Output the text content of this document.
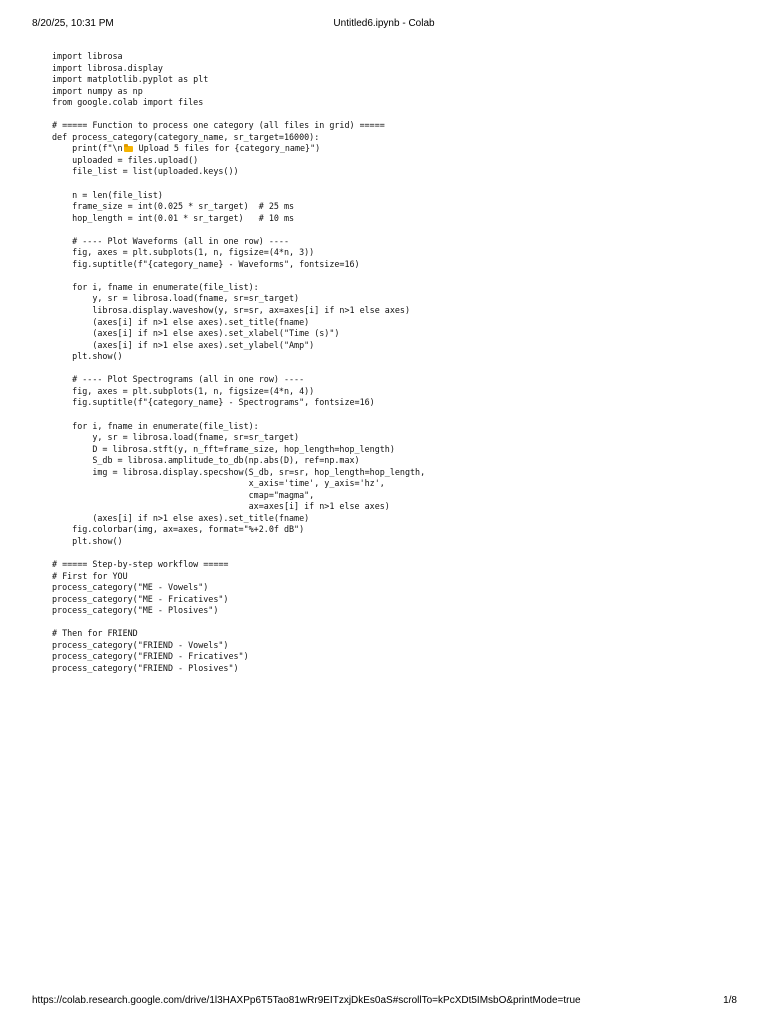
8/20/25, 10:31 PM	Untitled6.ipynb - Colab
import librosa
import librosa.display
import matplotlib.pyplot as plt
import numpy as np
from google.colab import files
# ===== Function to process one category (all files in grid) =====
def process_category(category_name, sr_target=16000):
print(f"\n Upload 5 files for {category_name}")
uploaded = files.upload()
file_list = list(uploaded.keys())
n = len(file_list)
frame_size = int(0.025 * sr_target)  # 25 ms
hop_length = int(0.01 * sr_target)   # 10 ms
# ---- Plot Waveforms (all in one row) ----
fig, axes = plt.subplots(1, n, figsize=(4*n, 3))
fig.suptitle(f"{category_name} - Waveforms", fontsize=16)
for i, fname in enumerate(file_list):
y, sr = librosa.load(fname, sr=sr_target)
librosa.display.waveshow(y, sr=sr, ax=axes[i] if n>1 else axes)
(axes[i] if n>1 else axes).set_title(fname)
(axes[i] if n>1 else axes).set_xlabel("Time (s)")
(axes[i] if n>1 else axes).set_ylabel("Amp")
plt.show()
# ---- Plot Spectrograms (all in one row) ----
fig, axes = plt.subplots(1, n, figsize=(4*n, 4))
fig.suptitle(f"{category_name} - Spectrograms", fontsize=16)
for i, fname in enumerate(file_list):
y, sr = librosa.load(fname, sr=sr_target)
D = librosa.stft(y, n_fft=frame_size, hop_length=hop_length)
S_db = librosa.amplitude_to_db(np.abs(D), ref=np.max)
img = librosa.display.specshow(S_db, sr=sr, hop_length=hop_length,
x_axis='time', y_axis='hz',
cmap="magma",
ax=axes[i] if n>1 else axes)
(axes[i] if n>1 else axes).set_title(fname)
fig.colorbar(img, ax=axes, format="%+2.0f dB")
plt.show()
# ===== Step-by-step workflow =====
# First for YOU
process_category("ME - Vowels")
process_category("ME - Fricatives")
process_category("ME - Plosives")
# Then for FRIEND
process_category("FRIEND - Vowels")
process_category("FRIEND - Fricatives")
process_category("FRIEND - Plosives")
https://colab.research.google.com/drive/1l3HAXPp6T5Tao81wRr9EITzxjDkEs0aS#scrollTo=kPcXDt5IMsbO&printMode=true	1/8
